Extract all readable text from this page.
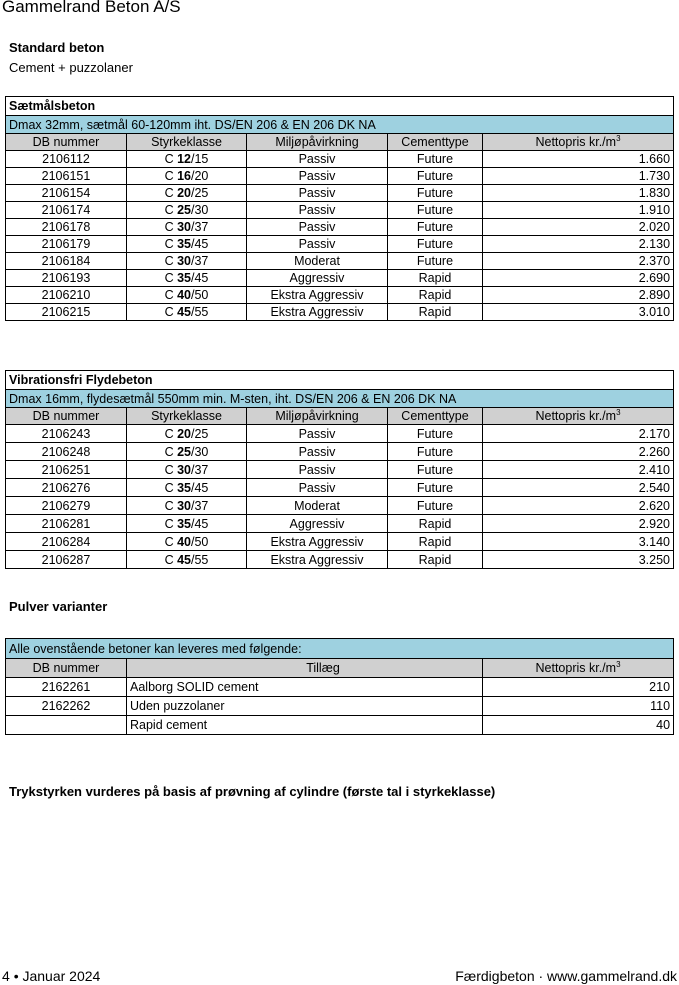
Gammelrand Beton A/S
Standard beton
Cement + puzzolaner
Sætmålsbeton				
Dmax 32mm, sætmål 60-120mm iht. DS/EN 206 & EN 206 DK NA				
DB nummer	Styrkeklasse	Miljøpåvirkning	Cementtype	Nettopris $kr./m^3$
2106112	C 12/15	Passiv	Future	1.660
2106151	C 16/20	Passiv	Future	1.730
2106154	C 20/25	Passiv	Future	1.830
2106174	C 25/30	Passiv	Future	1.910
2106178	C 30/37	Passiv	Future	2.020
2106179	C 35/45	Passiv	Future	2.130
2106184	C 30/37	Moderat	Future	2.370
2106193	C 35/45	Aggressiv	Rapid	2.690
2106210	C 40/50	Ekstra Aggressiv	Rapid	2.890
2106215	C 45/55	Ekstra Aggressiv	Rapid	3.010
Vibrationsfri Flydebeton				
Dmax 16mm, flydesætmål 550mm min. M-sten, iht. DS/EN 206 & EN 206 DK NA				
DB nummer	Styrkeklasse	Miljøpåvirkning	Cementtype	Nettopris $kr./m^3$
2106243	C 20/25	Passiv	Future	2.170
2106248	C 25/30	Passiv	Future	2.260
2106251	C 30/37	Passiv	Future	2.410
2106276	C 35/45	Passiv	Future	2.540
2106279	C 30/37	Moderat	Future	2.620
2106281	C 35/45	Aggressiv	Rapid	2.920
2106284	C 40/50	Ekstra Aggressiv	Rapid	3.140
2106287	C 45/55	Ekstra Aggressiv	Rapid	3.250
Pulver varianter
Alle ovenstående betoner kan leveres med følgende:		
DB nummer	Tillæg	Nettopris $kr./m^3$
2162261	Aalborg SOLID cement	210
2162262	Uden puzzolaner	110
	Rapid cement	40
Trykstyrken vurderes på basis af prøvning af cylindre (første tal i styrkeklasse)
4 • Januar 2024	Færdigbeton · www.gammelrand.dk
